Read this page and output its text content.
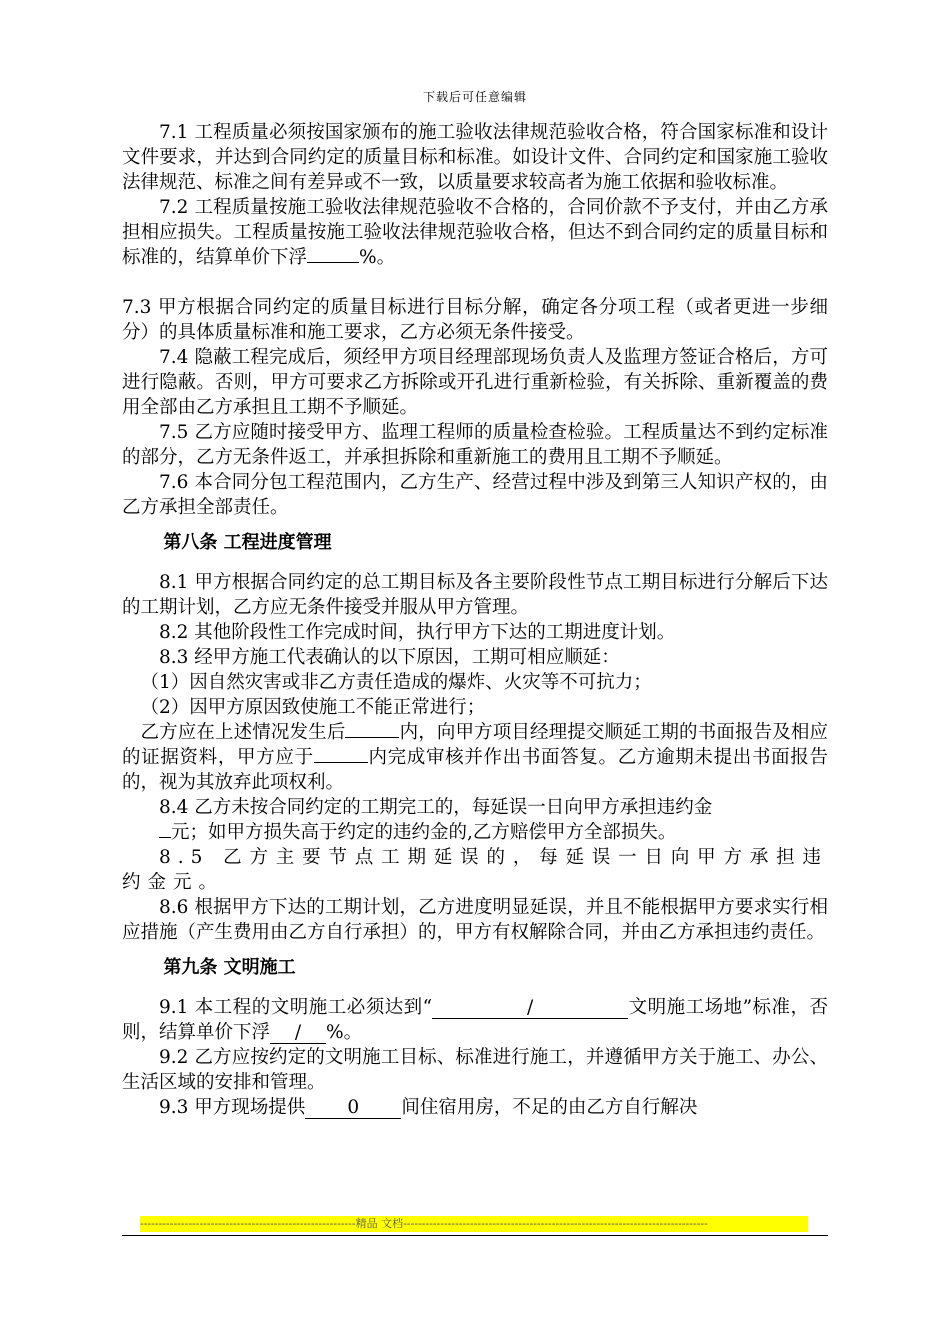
下载后可任意编辑

7.1 工程质量必须按国家颁布的施工验收法律规范验收合格，符合国家标准和设计文件要求，并达到合同约定的质量目标和标准。如设计文件、合同约定和国家施工验收法律规范、标准之间有差异或不一致，以质量要求较高者为施工依据和验收标准。

7.2 工程质量按施工验收法律规范验收不合格的，合同价款不予支付，并由乙方承担相应损失。工程质量按施工验收法律规范验收合格，但达不到合同约定的质量目标和标准的，结算单价下浮	%。

7.3 甲方根据合同约定的质量目标进行目标分解，确定各分项工程（或者更进一步细分）的具体质量标准和施工要求，乙方必须无条件接受。

7.4 隐蔽工程完成后，须经甲方项目经理部现场负责人及监理方签证合格后，方可进行隐蔽。否则，甲方可要求乙方拆除或开孔进行重新检验，有关拆除、重新覆盖的费用全部由乙方承担且工期不予顺延。

7.5 乙方应随时接受甲方、监理工程师的质量检查检验。工程质量达不到约定标准的部分，乙方无条件返工，并承担拆除和重新施工的费用且工期不予顺延。

7.6 本合同分包工程范围内，乙方生产、经营过程中涉及到第三人知识产权的，由乙方承担全部责任。

第八条 工程进度管理

8.1 甲方根据合同约定的总工期目标及各主要阶段性节点工期目标进行分解后下达的工期计划，乙方应无条件接受并服从甲方管理。

8.2 其他阶段性工作完成时间，执行甲方下达的工期进度计划。

8.3 经甲方施工代表确认的以下原因，工期可相应顺延：

（1）因自然灾害或非乙方责任造成的爆炸、火灾等不可抗力；

（2）因甲方原因致使施工不能正常进行；

乙方应在上述情况发生后	内，向甲方项目经理提交顺延工期的书面报告及相应的证据资料，甲方应于	内完成审核并作出书面答复。乙方逾期未提出书面报告的，视为其放弃此项权利。

8.4 乙方未按合同约定的工期完工的，每延误一日向甲方承担违约金
元；如甲方损失高于约定的违约金的,乙方赔偿甲方全部损失。

8.5 乙方主要节点工期延误的，每延误一日向甲方承担违约金元。

8.6 根据甲方下达的工期计划，乙方进度明显延误，并且不能根据甲方要求实行相应措施（产生费用由乙方自行承担）的，甲方有权解除合同，并由乙方承担违约责任。

第九条 文明施工

9.1 本工程的文明施工必须达到“	/	文明施工场地”标准，否则，结算单价下浮 / %。

9.2 乙方应按约定的文明施工目标、标准进行施工，并遵循甲方关于施工、办公、生活区域的安排和管理。

9.3 甲方现场提供 0 间住宿用房，不足的由乙方自行解决

----------------------------------------------------------精品 文档----------------------------------------------------------------------------------
